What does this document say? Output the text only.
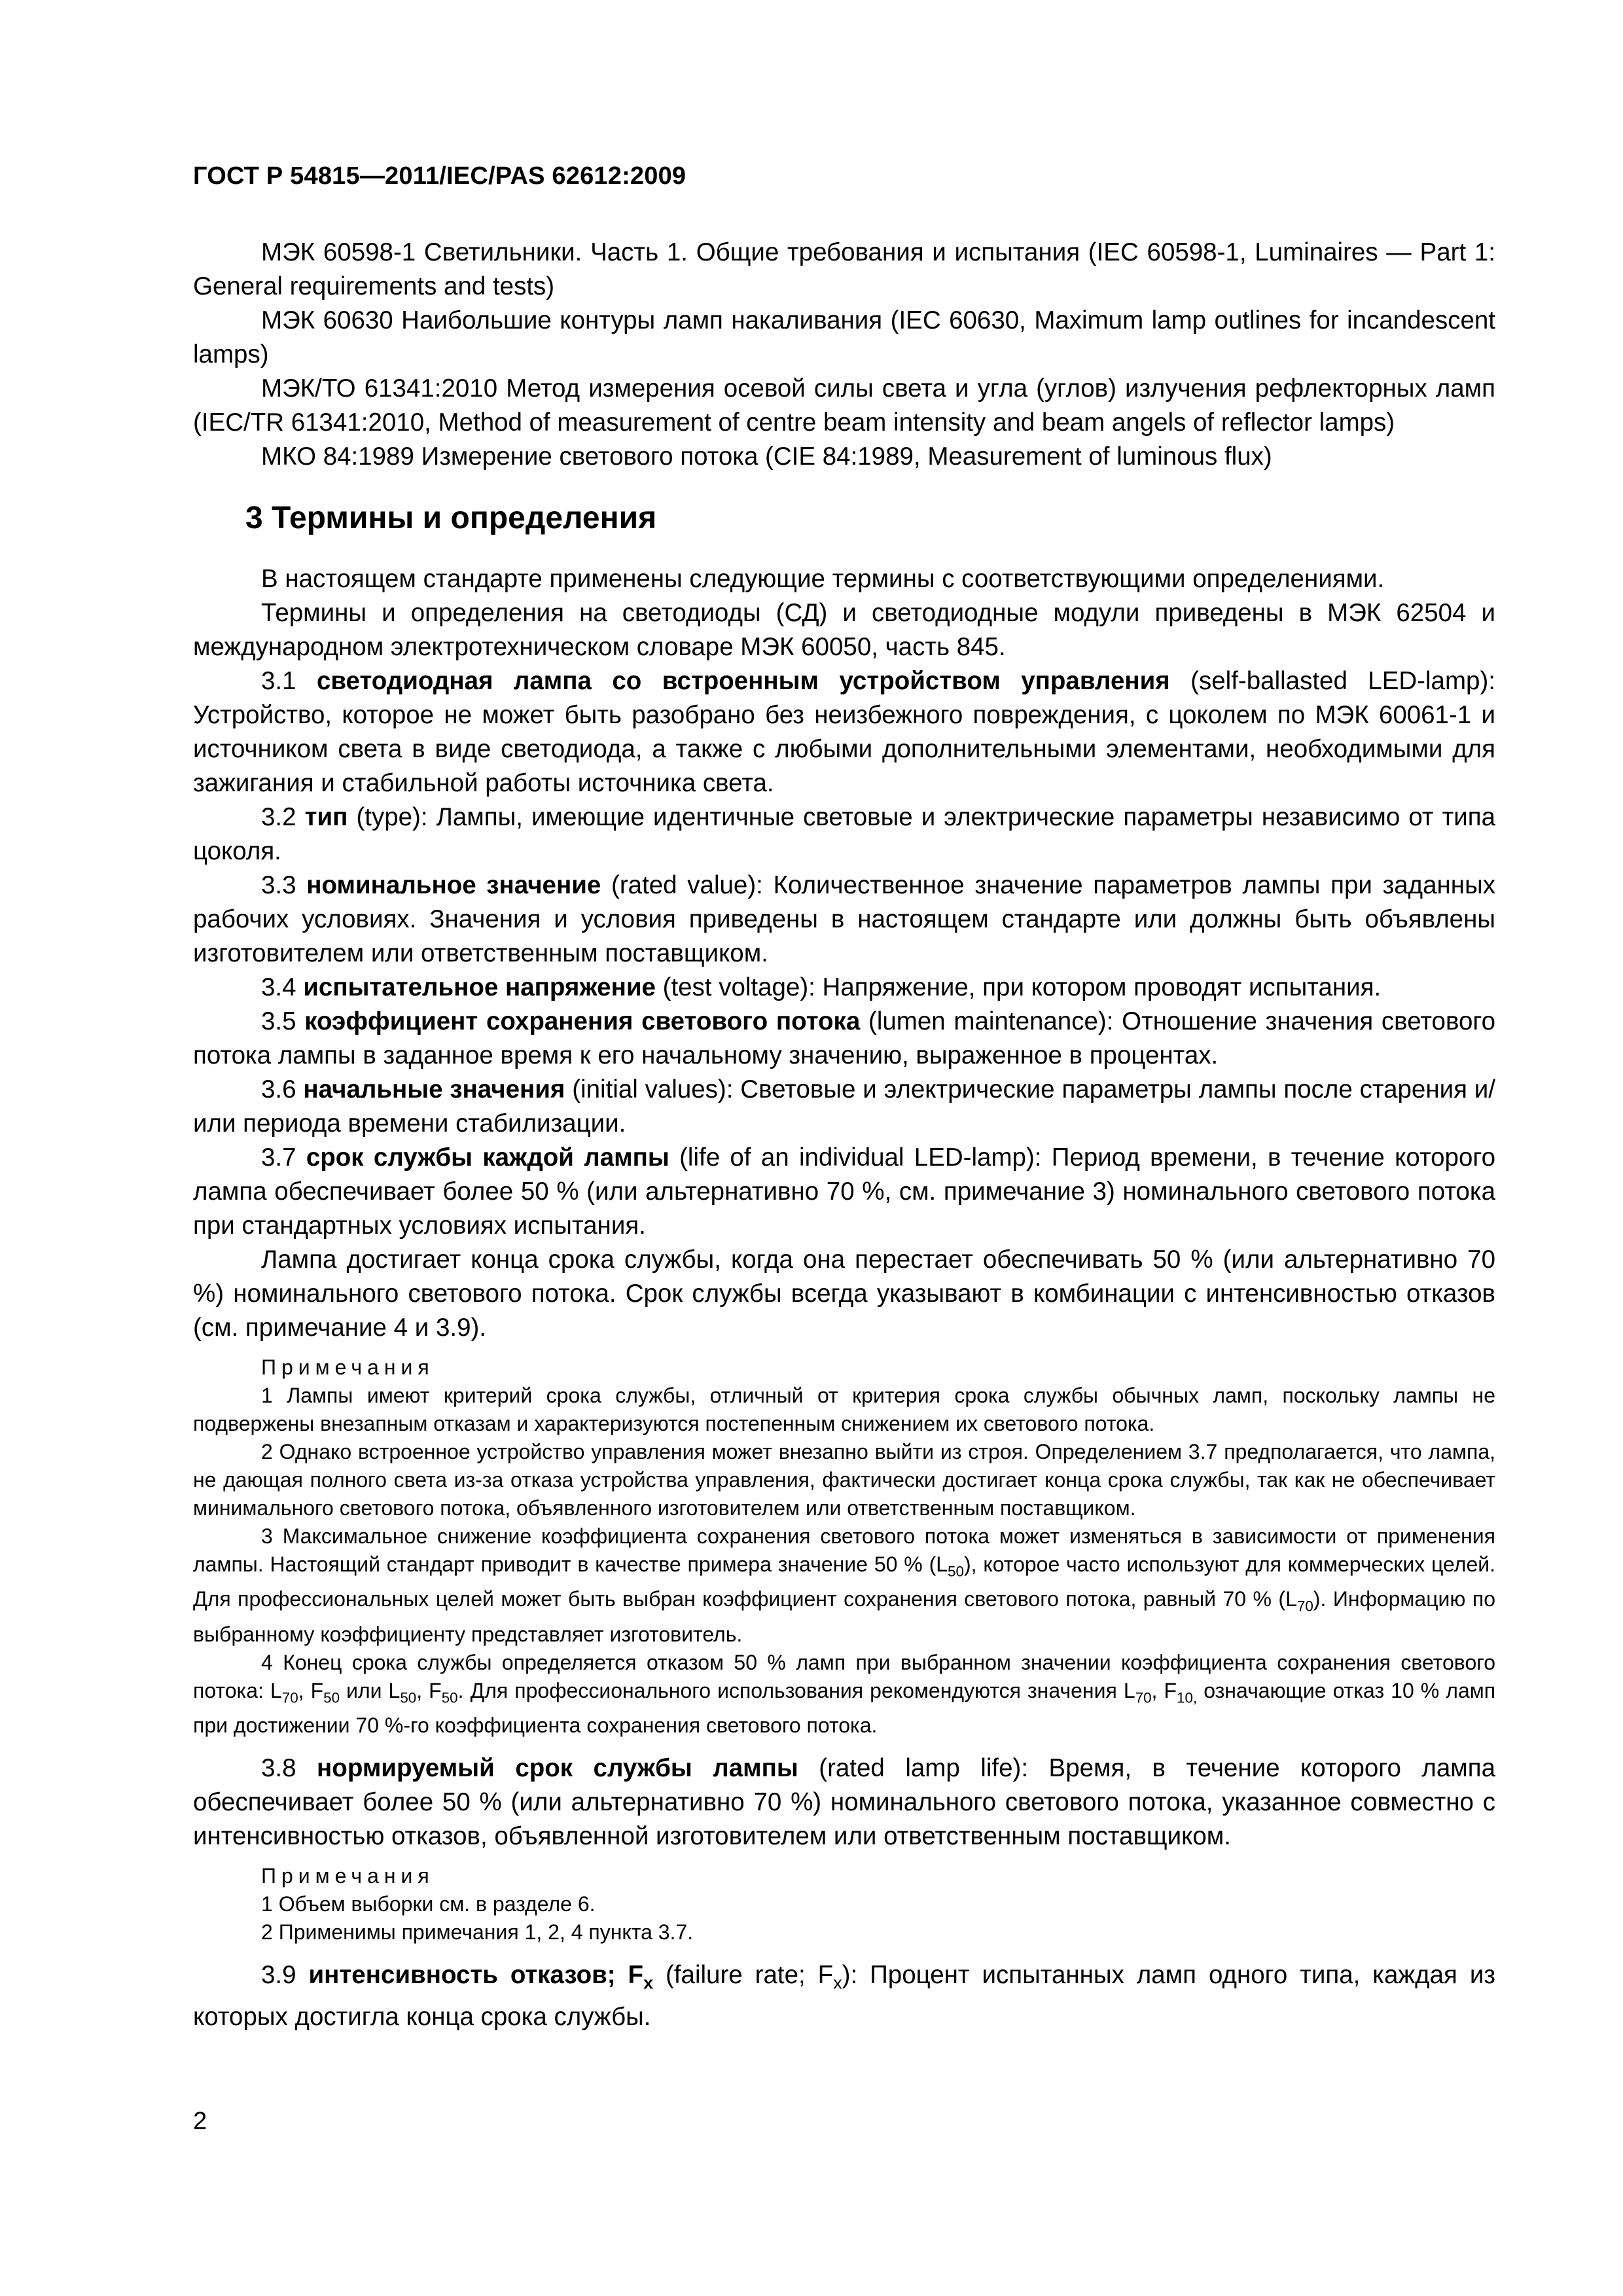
ГОСТ Р 54815—2011/IEC/PAS 62612:2009

МЭК 60598-1 Светильники. Часть 1. Общие требования и испытания (IEC 60598-1, Luminaires — Part 1: General requirements and tests)

МЭК 60630 Наибольшие контуры ламп накаливания (IEC 60630, Maximum lamp outlines for incandescent lamps)

МЭК/ТО 61341:2010 Метод измерения осевой силы света и угла (углов) излучения рефлекторных ламп (IEC/TR 61341:2010, Method of measurement of centre beam intensity and beam angels of reflector lamps)

МКО 84:1989 Измерение светового потока (CIE 84:1989, Measurement of luminous flux)

3 Термины и определения

В настоящем стандарте применены следующие термины с соответствующими определениями.

Термины и определения на светодиоды (СД) и светодиодные модули приведены в МЭК 62504 и международном электротехническом словаре МЭК 60050, часть 845.

3.1 светодиодная лампа со встроенным устройством управления (self-ballasted LED-lamp): Устройство, которое не может быть разобрано без неизбежного повреждения, с цоколем по МЭК 60061-1 и источником света в виде светодиода, а также с любыми дополнительными элементами, необходимыми для зажигания и стабильной работы источника света.

3.2 тип (type): Лампы, имеющие идентичные световые и электрические параметры независимо от типа цоколя.

3.3 номинальное значение (rated value): Количественное значение параметров лампы при заданных рабочих условиях. Значения и условия приведены в настоящем стандарте или должны быть объявлены изготовителем или ответственным поставщиком.

3.4 испытательное напряжение (test voltage): Напряжение, при котором проводят испытания.

3.5 коэффициент сохранения светового потока (lumen maintenance): Отношение значения светового потока лампы в заданное время к его начальному значению, выраженное в процентах.

3.6 начальные значения (initial values): Световые и электрические параметры лампы после старения и/или периода времени стабилизации.

3.7 срок службы каждой лампы (life of an individual LED-lamp): Период времени, в течение которого лампа обеспечивает более 50 % (или альтернативно 70 %, см. примечание 3) номинального светового потока при стандартных условиях испытания.

Лампа достигает конца срока службы, когда она перестает обеспечивать 50 % (или альтернативно 70 %) номинального светового потока. Срок службы всегда указывают в комбинации с интенсивностью отказов (см. примечание 4 и 3.9).

Примечания

1 Лампы имеют критерий срока службы, отличный от критерия срока службы обычных ламп, поскольку лампы не подвержены внезапным отказам и характеризуются постепенным снижением их светового потока.

2 Однако встроенное устройство управления может внезапно выйти из строя. Определением 3.7 предполагается, что лампа, не дающая полного света из-за отказа устройства управления, фактически достигает конца срока службы, так как не обеспечивает минимального светового потока, объявленного изготовителем или ответственным поставщиком.

3 Максимальное снижение коэффициента сохранения светового потока может изменяться в зависимости от применения лампы. Настоящий стандарт приводит в качестве примера значение 50 % $(L_{50})$, которое часто используют для коммерческих целей. Для профессиональных целей может быть выбран коэффициент сохранения светового потока, равный 70 % $(L_{70})$. Информацию по выбранному коэффициенту представляет изготовитель.

4 Конец срока службы определяется отказом 50 % ламп при выбранном значении коэффициента сохранения светового потока: $L_{70}$, $F_{50}$ или $L_{50}$, $F_{50}$. Для профессионального использования рекомендуются значения $L_{70}$, $F_{10,}$ означающие отказ 10 % ламп при достижении 70 %-го коэффициента сохранения светового потока.

3.8 нормируемый срок службы лампы (rated lamp life): Время, в течение которого лампа обеспечивает более 50 % (или альтернативно 70 %) номинального светового потока, указанное совместно с интенсивностью отказов, объявленной изготовителем или ответственным поставщиком.

Примечания

1 Объем выборки см. в разделе 6.

2 Применимы примечания 1, 2, 4 пункта 3.7.

3.9 интенсивность отказов; $F_x$ (failure rate; $F_x$): Процент испытанных ламп одного типа, каждая из которых достигла конца срока службы.

2
